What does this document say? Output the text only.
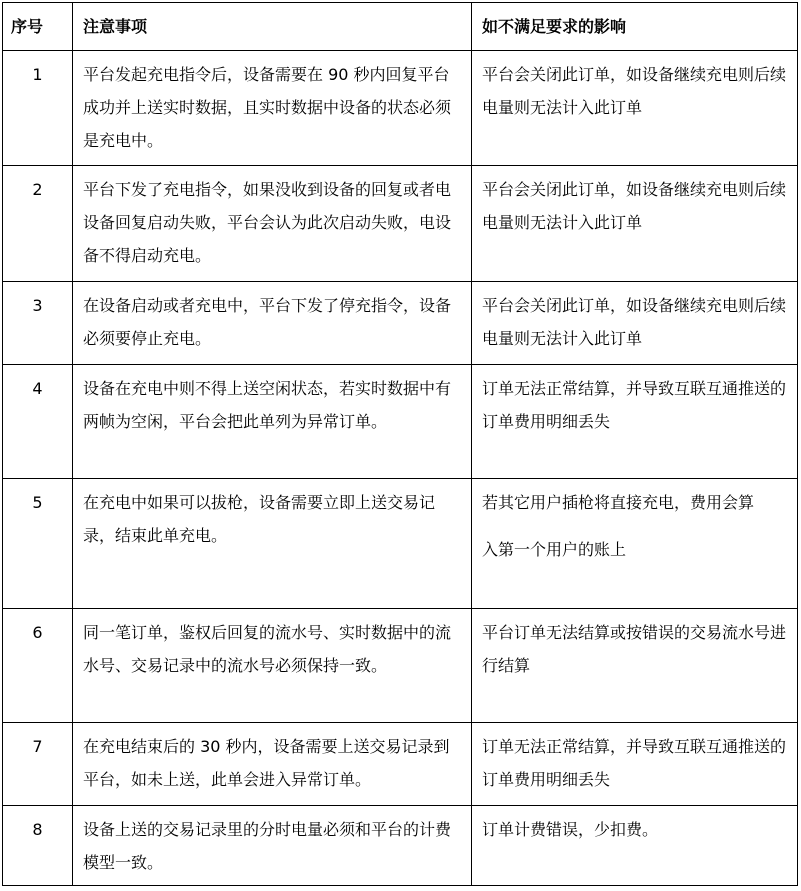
序号	注意事项	如不满足要求的影响
1	平台发起充电指令后，设备需要在 90 秒内回复平台成功并上送实时数据，且实时数据中设备的状态必须是充电中。	平台会关闭此订单，如设备继续充电则后续电量则无法计入此订单

2	平台下发了充电指令，如果没收到设备的回复或者电设备回复启动失败，平台会认为此次启动失败，电设备不得启动充电。	平台会关闭此订单，如设备继续充电则后续电量则无法计入此订单

3	在设备启动或者充电中，平台下发了停充指令，设备必须要停止充电。	平台会关闭此订单，如设备继续充电则后续电量则无法计入此订单

4	设备在充电中则不得上送空闲状态，若实时数据中有两帧为空闲，平台会把此单列为异常订单。	订单无法正常结算，并导致互联互通推送的订单费用明细丢失

5	在充电中如果可以拔枪，设备需要立即上送交易记录，结束此单充电。	若其它用户插枪将直接充电，费用会算
入第一个用户的账上

6	同一笔订单，鉴权后回复的流水号、实时数据中的流水号、交易记录中的流水号必须保持一致。	平台订单无法结算或按错误的交易流水号进行结算

7	在充电结束后的 30 秒内，设备需要上送交易记录到平台，如未上送，此单会进入异常订单。	订单无法正常结算，并导致互联互通推送的订单费用明细丢失

8	设备上送的交易记录里的分时电量必须和平台的计费模型一致。	订单计费错误，少扣费。
